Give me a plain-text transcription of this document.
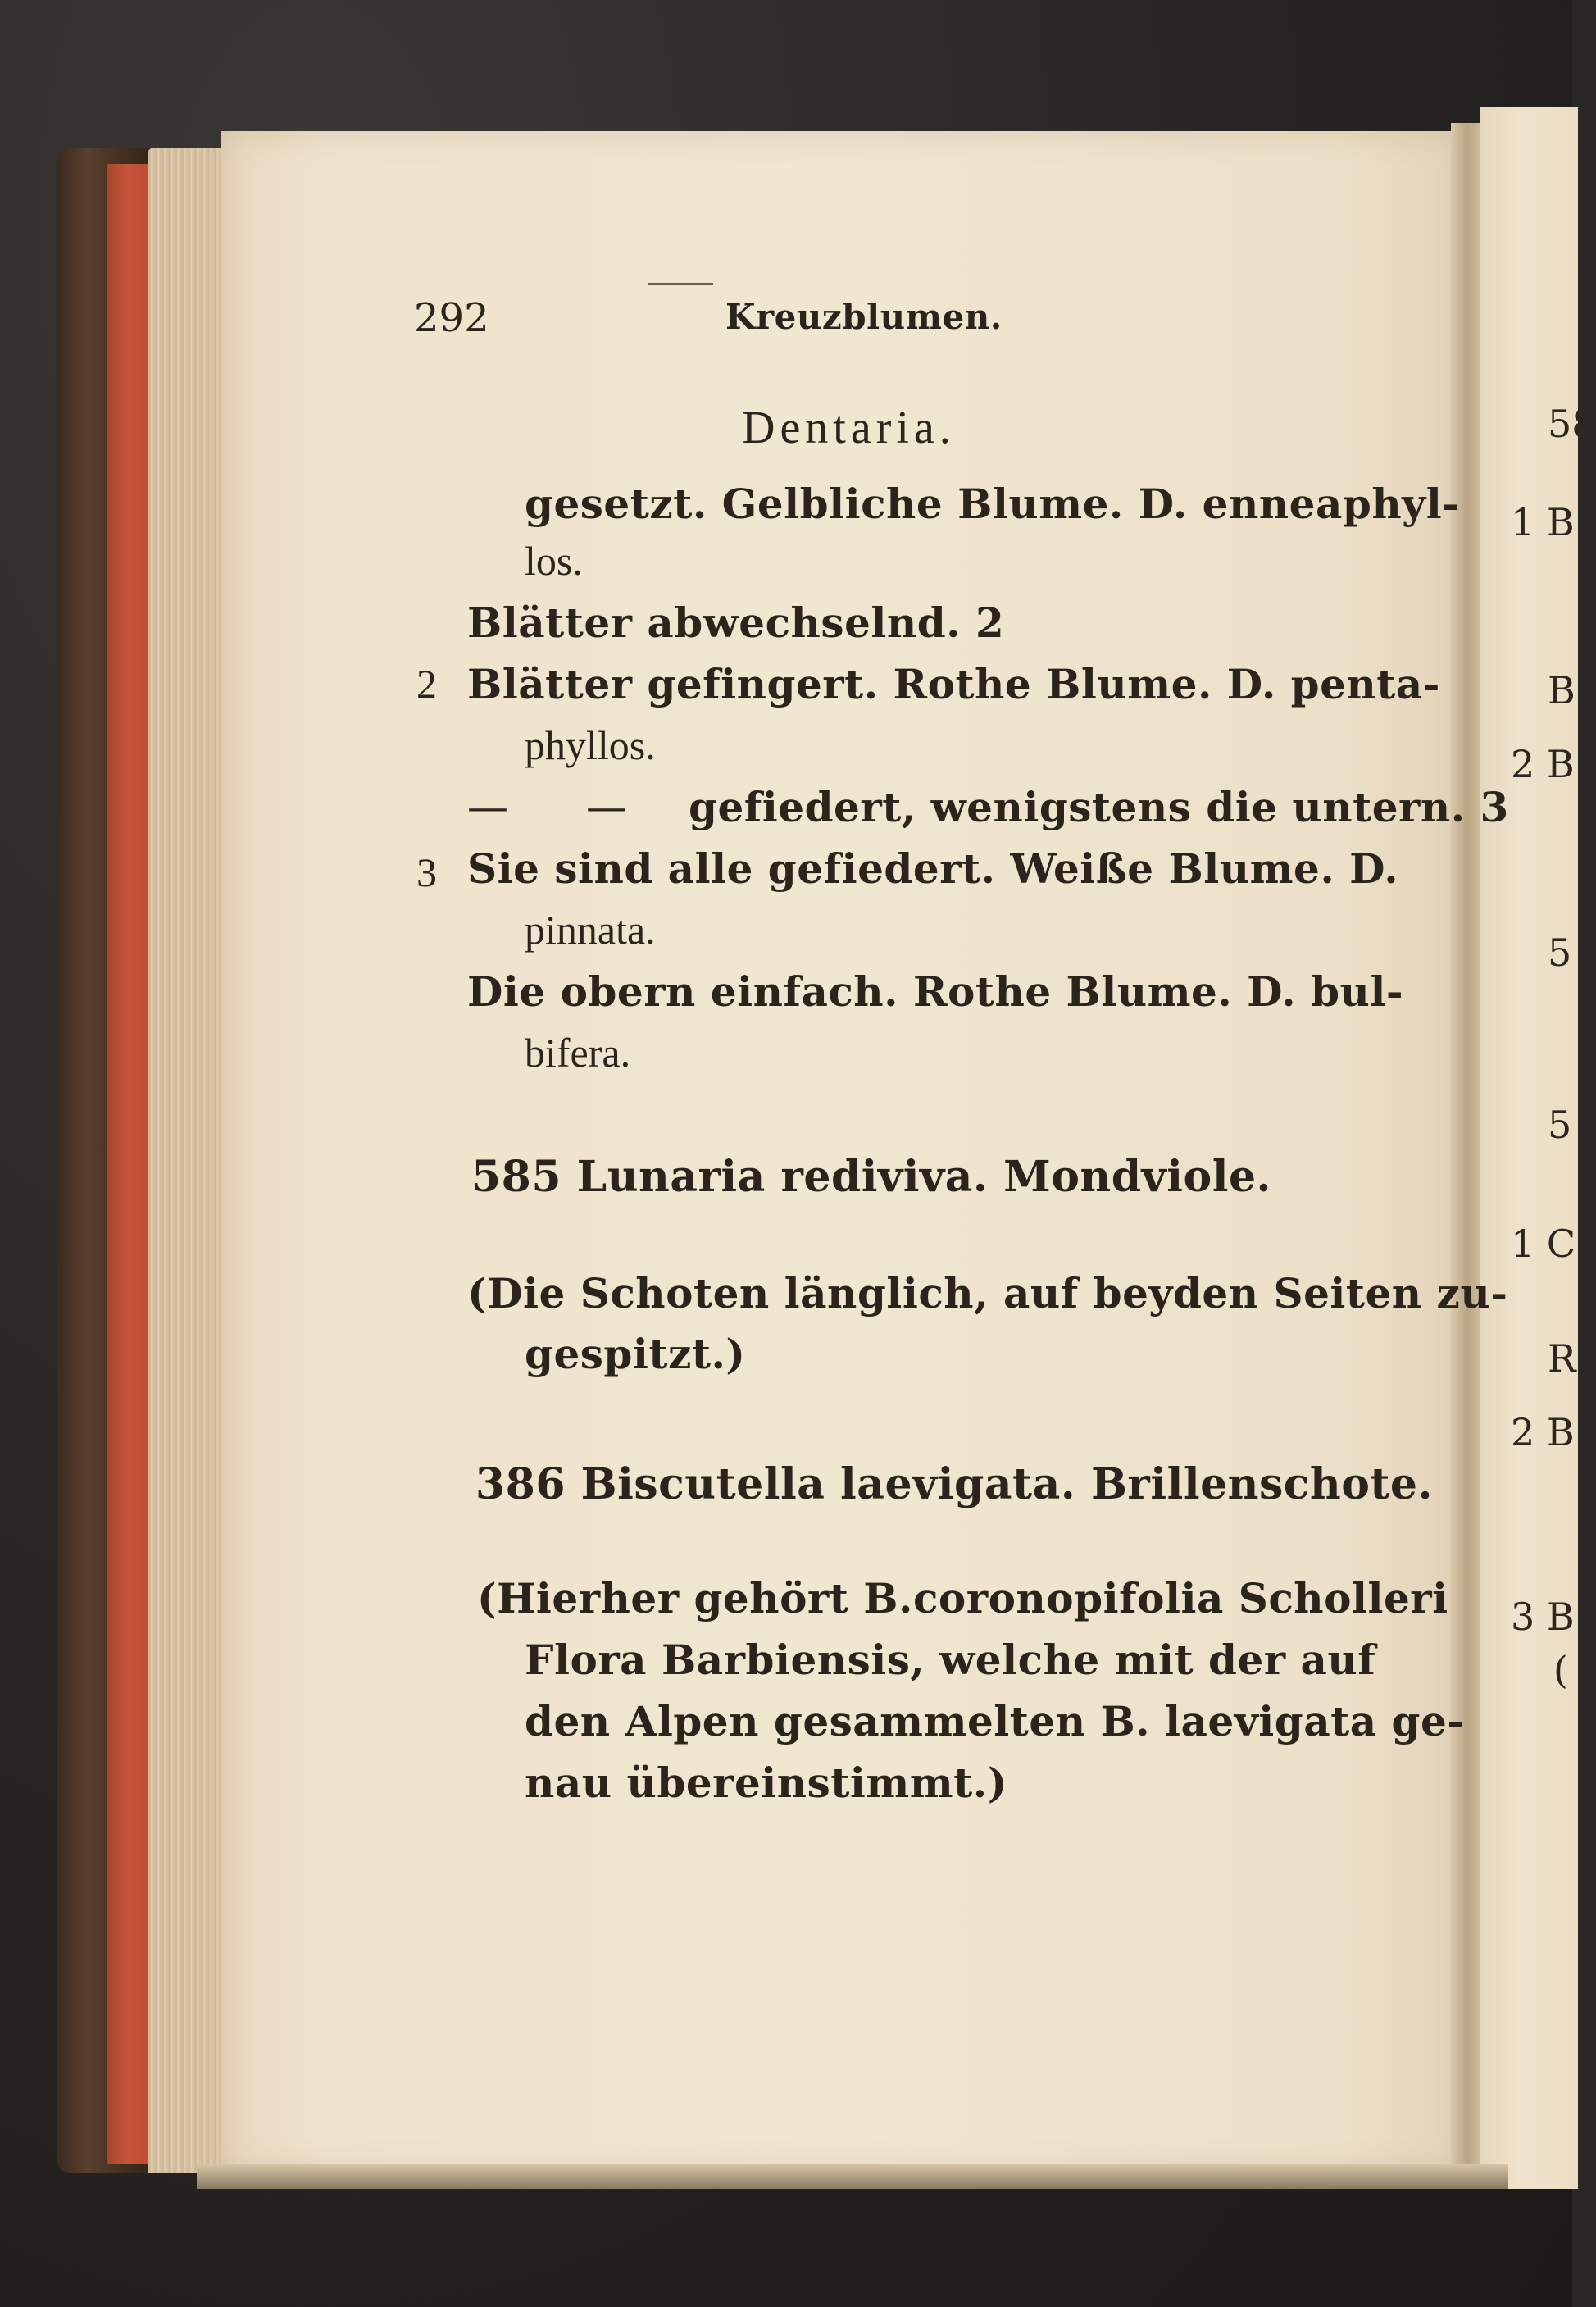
292	Kreuzblumen.
Dentaria.
gesetzt. Gelbliche Blume. D. enneaphyl-
los.
Blätter abwechselnd. 2
2 Blätter gefingert. Rothe Blume. D. penta-
phyllos.
— — gefiedert, wenigstens die untern. 3
3 Sie sind alle gefiedert. Weiße Blume. D.
pinnata.
Die obern einfach. Rothe Blume. D. bul-
bifera.
585 Lunaria rediviva. Mondviole.
(Die Schoten länglich, auf beyden Seiten zu-
gespitzt.)
386 Biscutella laevigata. Brillenschote.
(Hierher gehört B.coronopifolia Scholleri
Flora Barbiensis, welche mit der auf
den Alpen gesammelten B. laevigata ge-
nau übereinstimmt.)
58
1 B
B
2 B
5
5
1 C
R
2 B
3 B
(
